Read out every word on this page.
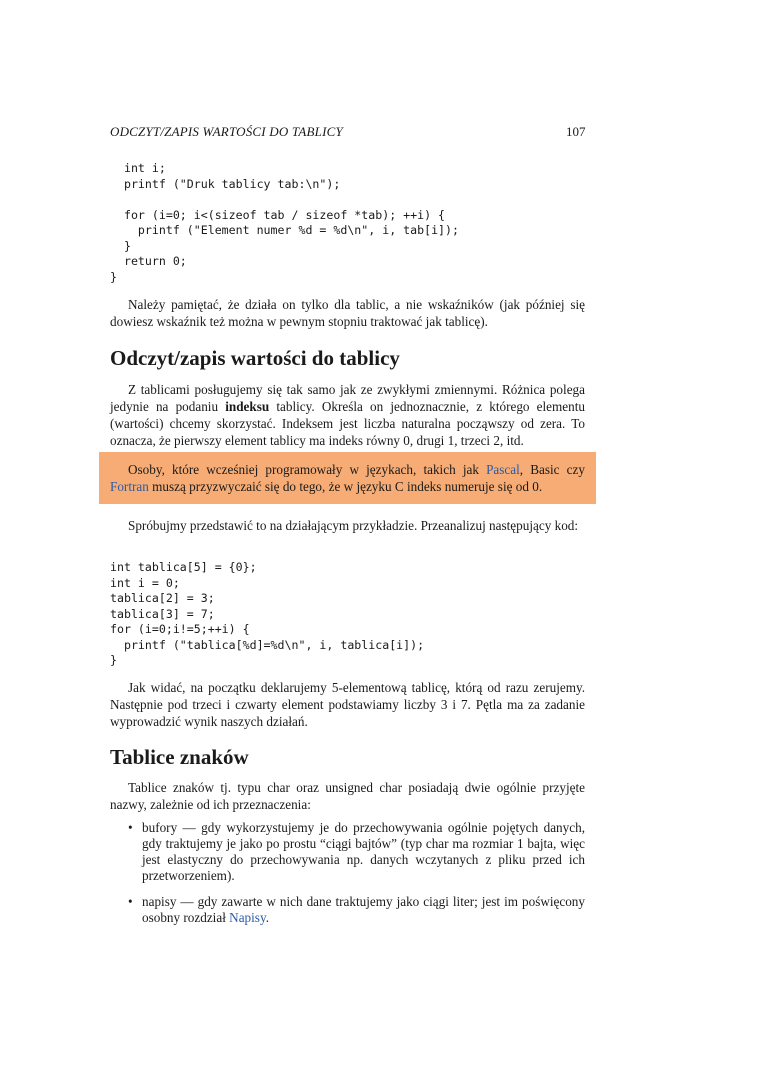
ODCZYT/ZAPIS WARTOŚCI DO TABLICY	107
int i;
printf ("Druk tablicy tab:\n");

for (i=0; i<(sizeof tab / sizeof *tab); ++i) {
printf ("Element numer %d = %d\n", i, tab[i]);
}
return 0;
}

Należy pamiętać, że działa on tylko dla tablic, a nie wskaźników (jak później się dowiesz wskaźnik też można w pewnym stopniu traktować jak tablicę).

Odczyt/zapis wartości do tablicy

Z tablicami posługujemy się tak samo jak ze zwykłymi zmiennymi. Różnica polega jedynie na podaniu indeksu tablicy. Określa on jednoznacznie, z którego elementu (wartości) chcemy skorzystać. Indeksem jest liczba naturalna począwszy od zera. To oznacza, że pierwszy element tablicy ma indeks równy 0, drugi 1, trzeci 2, itd.

Osoby, które wcześniej programowały w językach, takich jak Pascal, Basic czy Fortran muszą przyzwyczaić się do tego, że w języku C indeks numeruje się od 0.

Spróbujmy przedstawić to na działającym przykładzie. Przeanalizuj następujący kod:

int tablica[5] = {0};
int i = 0;
tablica[2] = 3;
tablica[3] = 7;
for (i=0;i!=5;++i) {
printf ("tablica[%d]=%d\n", i, tablica[i]);
}

Jak widać, na początku deklarujemy 5-elementową tablicę, którą od razu zerujemy. Następnie pod trzeci i czwarty element podstawiamy liczby 3 i 7. Pętla ma za zadanie wyprowadzić wynik naszych działań.

Tablice znaków

Tablice znaków tj. typu char oraz unsigned char posiadają dwie ogólnie przyjęte nazwy, zależnie od ich przeznaczenia:

• bufory — gdy wykorzystujemy je do przechowywania ogólnie pojętych danych, gdy traktujemy je jako po prostu “ciągi bajtów” (typ char ma rozmiar 1 bajta, więc jest elastyczny do przechowywania np. danych wczytanych z pliku przed ich przetworzeniem).
• napisy — gdy zawarte w nich dane traktujemy jako ciągi liter; jest im poświęcony osobny rozdział Napisy.
